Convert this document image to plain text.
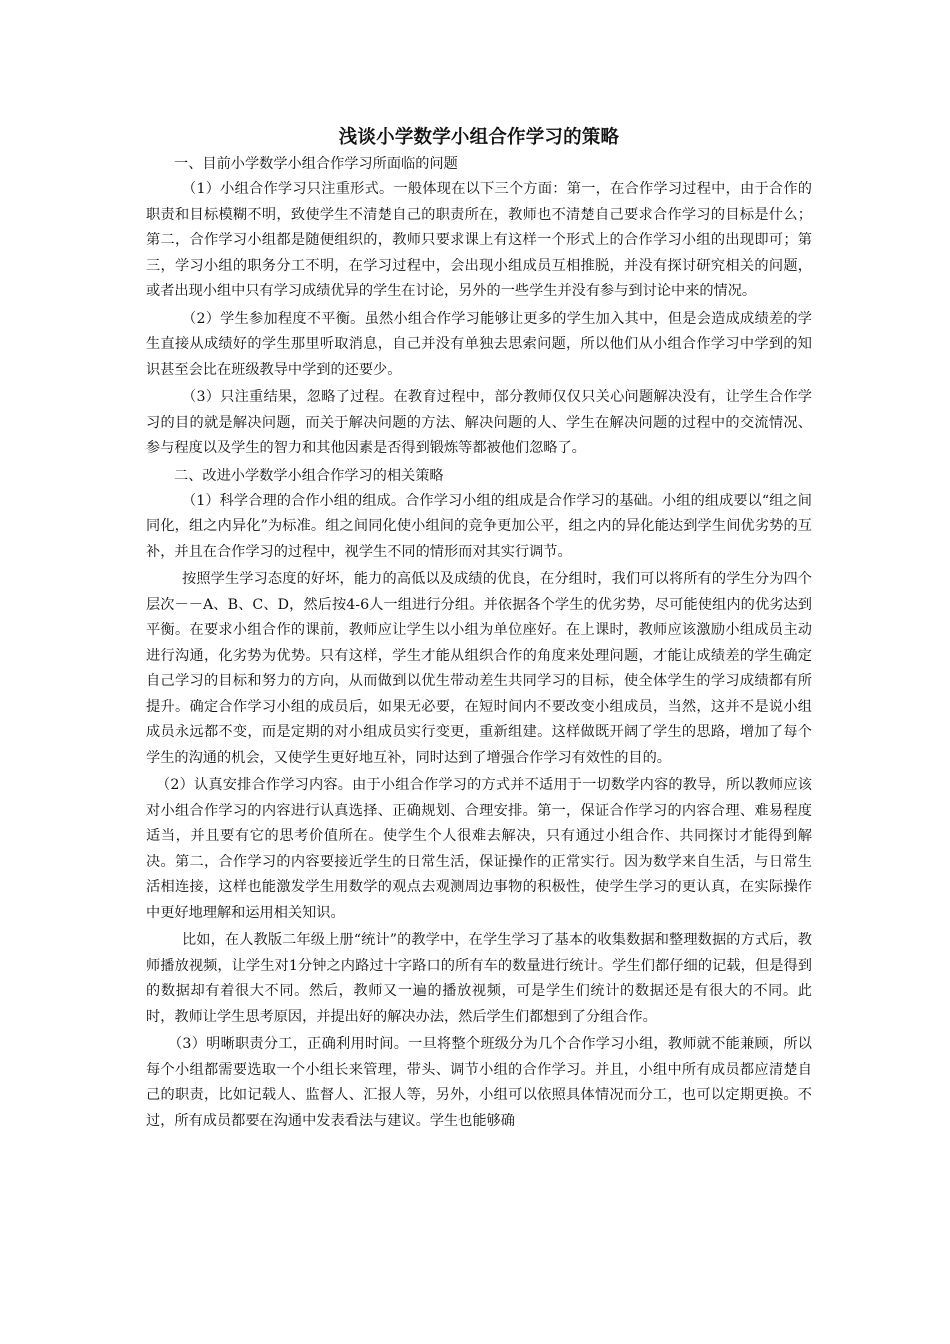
浅谈小学数学小组合作学习的策略

一、目前小学数学小组合作学习所面临的问题

（1）小组合作学习只注重形式。一般体现在以下三个方面：第一，在合作学习过程中，由于合作的职责和目标模糊不明，致使学生不清楚自己的职责所在，教师也不清楚自己要求合作学习的目标是什么；第二，合作学习小组都是随便组织的，教师只要求课上有这样一个形式上的合作学习小组的出现即可；第三，学习小组的职务分工不明，在学习过程中，会出现小组成员互相推脱，并没有探讨研究相关的问题，或者出现小组中只有学习成绩优异的学生在讨论，另外的一些学生并没有参与到讨论中来的情况。

（2）学生参加程度不平衡。虽然小组合作学习能够让更多的学生加入其中，但是会造成成绩差的学生直接从成绩好的学生那里听取消息，自己并没有单独去思索问题，所以他们从小组合作学习中学到的知识甚至会比在班级教导中学到的还要少。

（3）只注重结果，忽略了过程。在教育过程中，部分教师仅仅只关心问题解决没有，让学生合作学习的目的就是解决问题，而关于解决问题的方法、解决问题的人、学生在解决问题的过程中的交流情况、参与程度以及学生的智力和其他因素是否得到锻炼等都被他们忽略了。

二、改进小学数学小组合作学习的相关策略

（1）科学合理的合作小组的组成。合作学习小组的组成是合作学习的基础。小组的组成要以“组之间同化，组之内异化”为标准。组之间同化使小组间的竞争更加公平，组之内的异化能达到学生间优劣势的互补，并且在合作学习的过程中，视学生不同的情形而对其实行调节。

按照学生学习态度的好坏，能力的高低以及成绩的优良，在分组时，我们可以将所有的学生分为四个层次－－A、B、C、D，然后按4-6人一组进行分组。并依据各个学生的优劣势，尽可能使组内的优劣达到平衡。在要求小组合作的课前，教师应让学生以小组为单位座好。在上课时，教师应该激励小组成员主动进行沟通，化劣势为优势。只有这样，学生才能从组织合作的角度来处理问题，才能让成绩差的学生确定自己学习的目标和努力的方向，从而做到以优生带动差生共同学习的目标，使全体学生的学习成绩都有所提升。确定合作学习小组的成员后，如果无必要，在短时间内不要改变小组成员，当然，这并不是说小组成员永远都不变，而是定期的对小组成员实行变更，重新组建。这样做既开阔了学生的思路，增加了每个学生的沟通的机会，又使学生更好地互补，同时达到了增强合作学习有效性的目的。

（2）认真安排合作学习内容。由于小组合作学习的方式并不适用于一切数学内容的教导，所以教师应该对小组合作学习的内容进行认真选择、正确规划、合理安排。第一，保证合作学习的内容合理、难易程度适当，并且要有它的思考价值所在。使学生个人很难去解决，只有通过小组合作、共同探讨才能得到解决。第二，合作学习的内容要接近学生的日常生活，保证操作的正常实行。因为数学来自生活，与日常生活相连接，这样也能激发学生用数学的观点去观测周边事物的积极性，使学生学习的更认真，在实际操作中更好地理解和运用相关知识。

比如，在人教版二年级上册“统计”的教学中，在学生学习了基本的收集数据和整理数据的方式后，教师播放视频，让学生对1分钟之内路过十字路口的所有车的数量进行统计。学生们都仔细的记载，但是得到的数据却有着很大不同。然后，教师又一遍的播放视频，可是学生们统计的数据还是有很大的不同。此时，教师让学生思考原因，并提出好的解决办法，然后学生们都想到了分组合作。

（3）明晰职责分工，正确利用时间。一旦将整个班级分为几个合作学习小组，教师就不能兼顾，所以每个小组都需要选取一个小组长来管理，带头、调节小组的合作学习。并且，小组中所有成员都应清楚自己的职责，比如记载人、监督人、汇报人等，另外，小组可以依照具体情况而分工，也可以定期更换。不过，所有成员都要在沟通中发表看法与建议。学生也能够确
